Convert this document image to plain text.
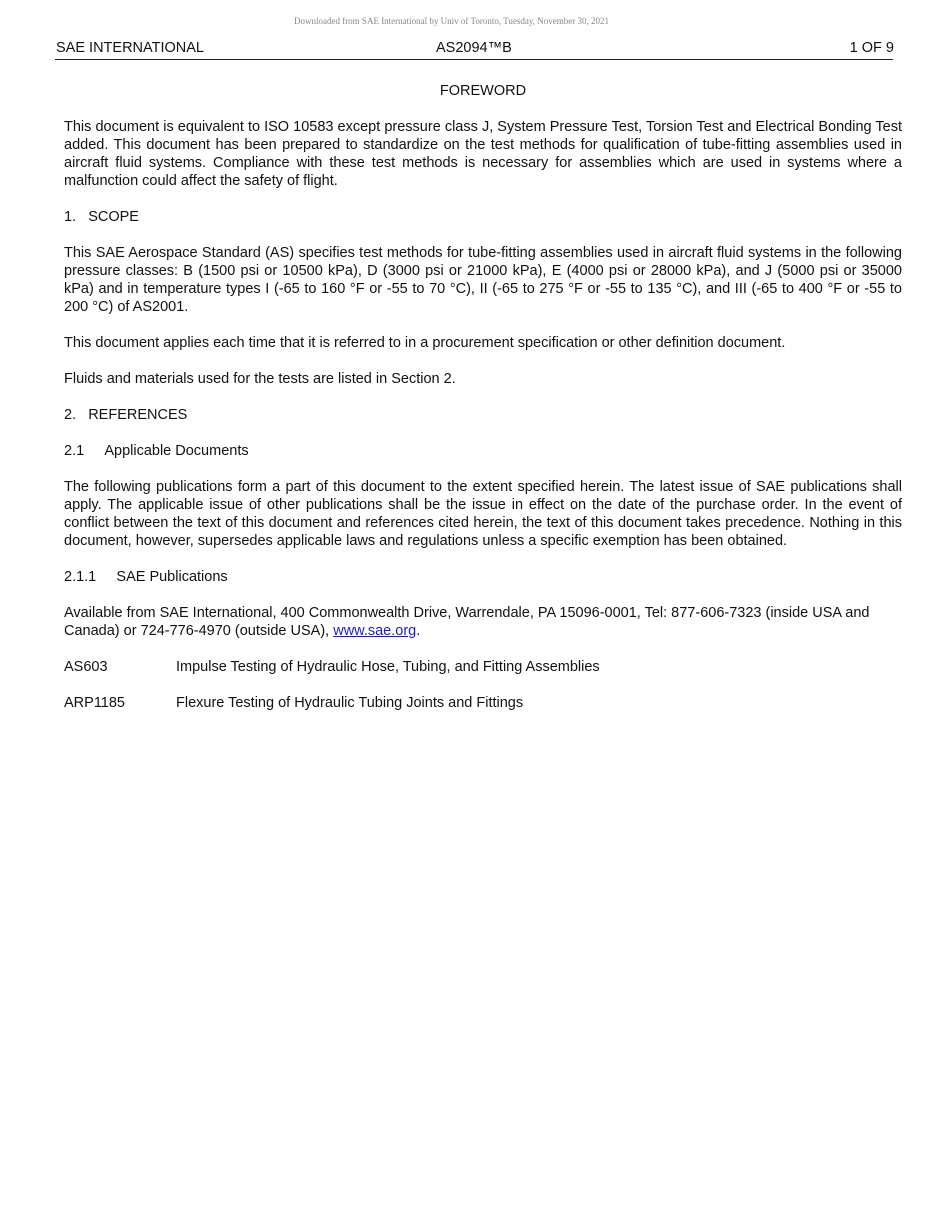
Downloaded from SAE International by Univ of Toronto, Tuesday, November 30, 2021
SAE INTERNATIONAL	AS2094™B	1 OF 9
FOREWORD

This document is equivalent to ISO 10583 except pressure class J, System Pressure Test, Torsion Test and Electrical Bonding Test added. This document has been prepared to standardize on the test methods for qualification of tube-fitting assemblies used in aircraft fluid systems. Compliance with these test methods is necessary for assemblies which are used in systems where a malfunction could affect the safety of flight.

1. SCOPE

This SAE Aerospace Standard (AS) specifies test methods for tube-fitting assemblies used in aircraft fluid systems in the following pressure classes: B (1500 psi or 10500 kPa), D (3000 psi or 21000 kPa), E (4000 psi or 28000 kPa), and J (5000 psi or 35000 kPa) and in temperature types I (-65 to 160 °F or -55 to 70 °C), II (-65 to 275 °F or -55 to 135 °C), and III (-65 to 400 °F or -55 to 200 °C) of AS2001.

This document applies each time that it is referred to in a procurement specification or other definition document.

Fluids and materials used for the tests are listed in Section 2.

2. REFERENCES
2.1 Applicable Documents

The following publications form a part of this document to the extent specified herein. The latest issue of SAE publications shall apply. The applicable issue of other publications shall be the issue in effect on the date of the purchase order. In the event of conflict between the text of this document and references cited herein, the text of this document takes precedence. Nothing in this document, however, supersedes applicable laws and regulations unless a specific exemption has been obtained.

2.1.1 SAE Publications

Available from SAE International, 400 Commonwealth Drive, Warrendale, PA 15096-0001, Tel: 877-606-7323 (inside USA and Canada) or 724-776-4970 (outside USA), www.sae.org.

AS603	Impulse Testing of Hydraulic Hose, Tubing, and Fitting Assemblies
ARP1185	Flexure Testing of Hydraulic Tubing Joints and Fittings
